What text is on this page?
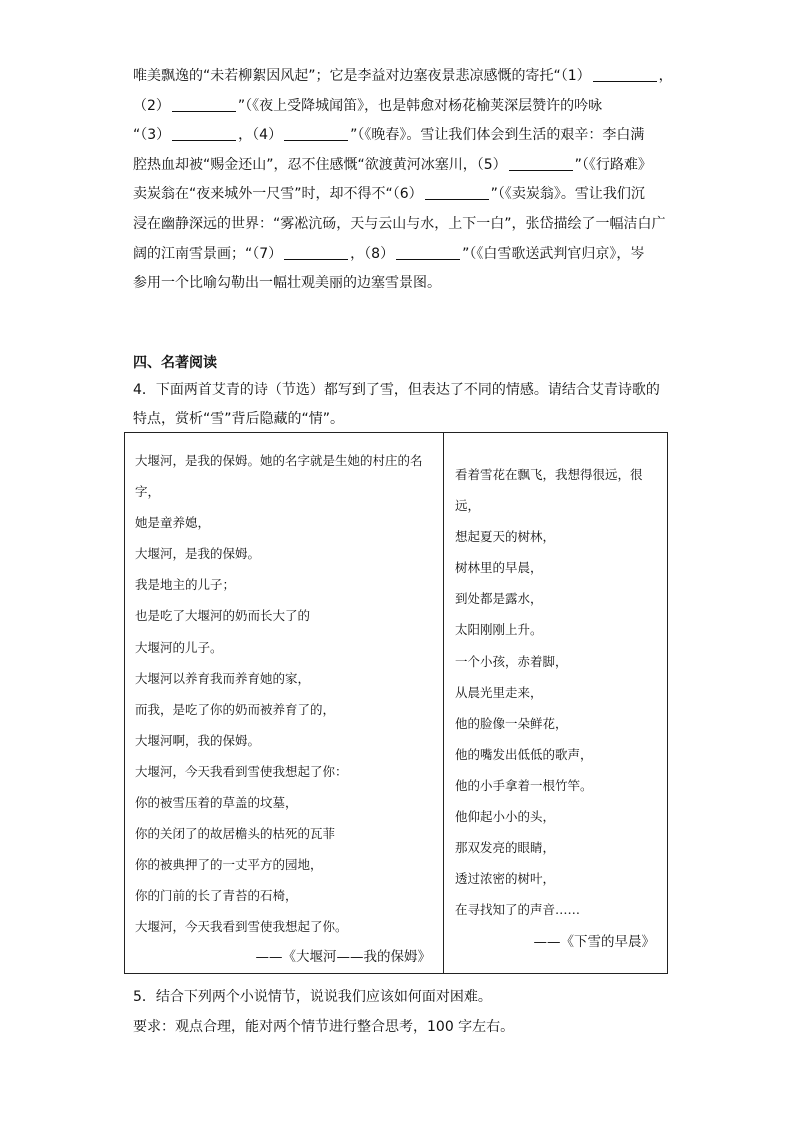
唯美飘逸的“未若柳絮因风起”；它是李益对边塞夜景悲凉感慨的寄托“（1）	，
（2）	”（《夜上受降城闻笛》，也是韩愈对杨花榆荚深层赞许的吟咏
“（3）	，（4）	”（《晚春》。雪让我们体会到生活的艰辛：李白满
腔热血却被“赐金还山”，忍不住感慨“欲渡黄河冰塞川，（5）	”（《行路难》
卖炭翁在“夜来城外一尺雪”时，却不得不“（6）	”（《卖炭翁》。雪让我们沉
浸在幽静深远的世界：“雾凇沆砀，天与云山与水，上下一白”，张岱描绘了一幅洁白广
阔的江南雪景画；“（7）	，（8）	”（《白雪歌送武判官归京》，岑
参用一个比喻勾勒出一幅壮观美丽的边塞雪景图。
四、名著阅读
4．下面两首艾青的诗（节选）都写到了雪，但表达了不同的情感。请结合艾青诗歌的
特点，赏析“雪”背后隐藏的“情”。
大堰河，是我的保姆。她的名字就是生她的村庄的名字，
她是童养媳，
大堰河，是我的保姆。
我是地主的儿子；
也是吃了大堰河的奶而长大了的
大堰河的儿子。
大堰河以养育我而养育她的家，
而我，是吃了你的奶而被养育了的，
大堰河啊，我的保姆。
大堰河，今天我看到雪使我想起了你：
你的被雪压着的草盖的坟墓，
你的关闭了的故居檐头的枯死的瓦菲
你的被典押了的一丈平方的园地，
你的门前的长了青苔的石椅，
大堰河，今天我看到雪使我想起了你。
——《大堰河——我的保姆》
看着雪花在飘飞，我想得很远，很远，
想起夏天的树林，
树林里的早晨，
到处都是露水，
太阳刚刚上升。
一个小孩，赤着脚，
从晨光里走来，
他的脸像一朵鲜花，
他的嘴发出低低的歌声，
他的小手拿着一根竹竿。
他仰起小小的头，
那双发亮的眼睛，
透过浓密的树叶，
在寻找知了的声音……
——《下雪的早晨》
5．结合下列两个小说情节，说说我们应该如何面对困难。
要求：观点合理，能对两个情节进行整合思考，100 字左右。
